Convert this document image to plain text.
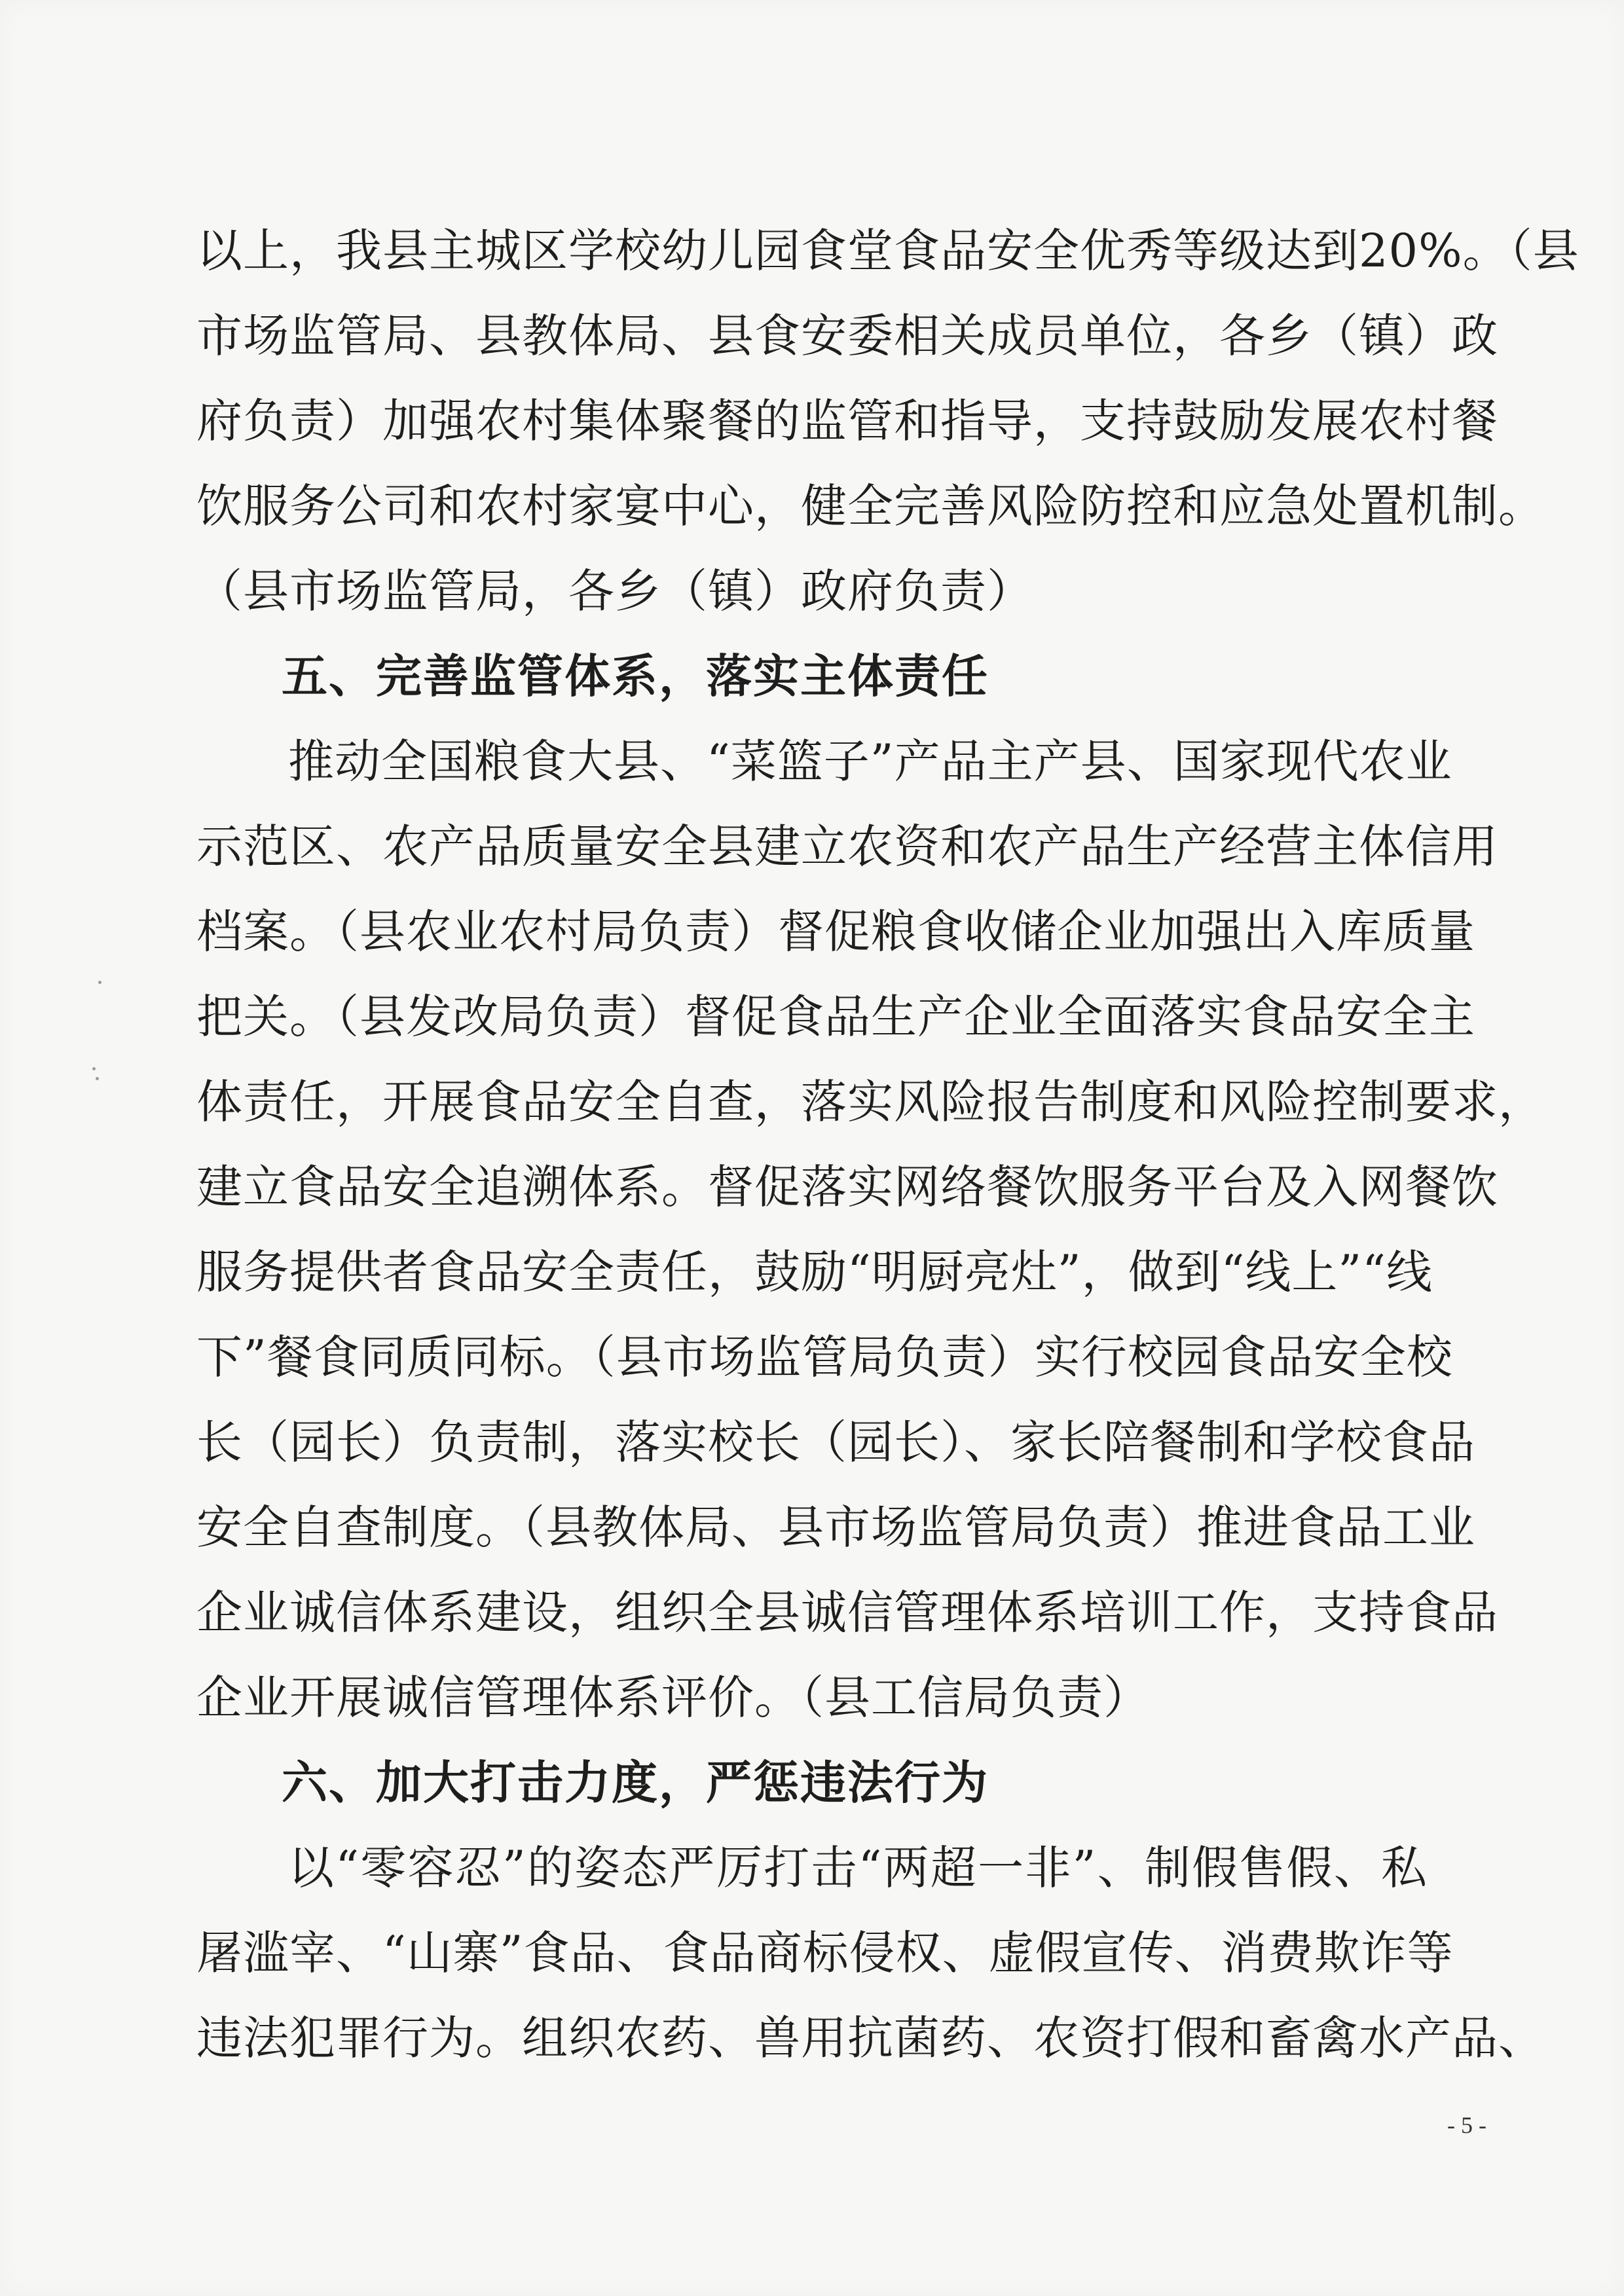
以上，我县主城区学校幼儿园食堂食品安全优秀等级达到20%。（县
市场监管局、县教体局、县食安委相关成员单位，各乡（镇）政
府负责）加强农村集体聚餐的监管和指导，支持鼓励发展农村餐
饮服务公司和农村家宴中心，健全完善风险防控和应急处置机制。
（县市场监管局，各乡（镇）政府负责）
五、完善监管体系，落实主体责任
推动全国粮食大县、“菜篮子”产品主产县、国家现代农业
示范区、农产品质量安全县建立农资和农产品生产经营主体信用
档案。（县农业农村局负责）督促粮食收储企业加强出入库质量
把关。（县发改局负责）督促食品生产企业全面落实食品安全主
体责任，开展食品安全自查，落实风险报告制度和风险控制要求，
建立食品安全追溯体系。督促落实网络餐饮服务平台及入网餐饮
服务提供者食品安全责任，鼓励“明厨亮灶”，做到“线上”“线
下”餐食同质同标。（县市场监管局负责）实行校园食品安全校
长（园长）负责制，落实校长（园长）、家长陪餐制和学校食品
安全自查制度。（县教体局、县市场监管局负责）推进食品工业
企业诚信体系建设，组织全县诚信管理体系培训工作，支持食品
企业开展诚信管理体系评价。（县工信局负责）
六、加大打击力度，严惩违法行为
以“零容忍”的姿态严厉打击“两超一非”、制假售假、私
屠滥宰、“山寨”食品、食品商标侵权、虚假宣传、消费欺诈等
违法犯罪行为。组织农药、兽用抗菌药、农资打假和畜禽水产品、
- 5 -
